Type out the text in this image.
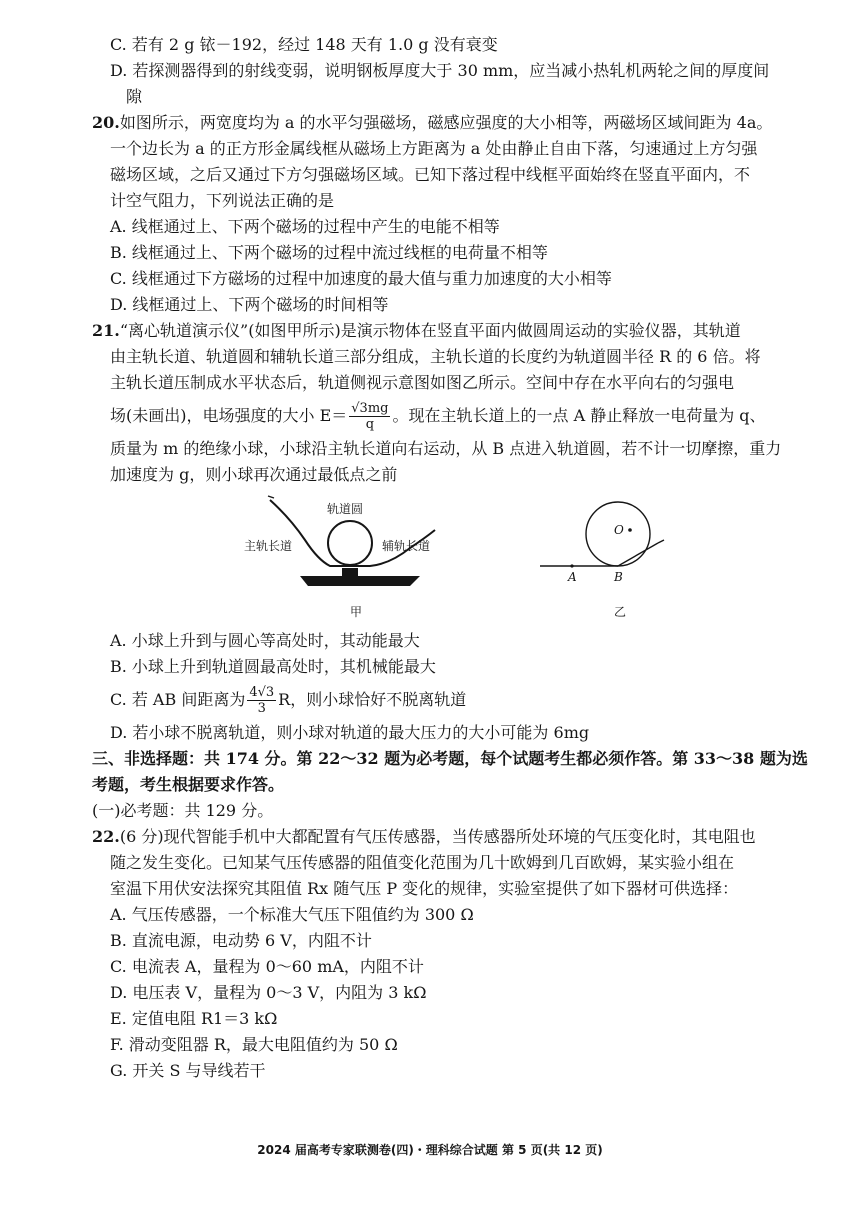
C. 若有 2 g 铱－192，经过 148 天有 1.0 g 没有衰变
D. 若探测器得到的射线变弱，说明钢板厚度大于 30 mm，应当减小热轧机两轮之间的厚度间
隙
20.如图所示，两宽度均为 a 的水平匀强磁场，磁感应强度的大小相等，两磁场区域间距为 4a。
一个边长为 a 的正方形金属线框从磁场上方距离为 a 处由静止自由下落，匀速通过上方匀强
磁场区域，之后又通过下方匀强磁场区域。已知下落过程中线框平面始终在竖直平面内，不
计空气阻力，下列说法正确的是
A. 线框通过上、下两个磁场的过程中产生的电能不相等
B. 线框通过上、下两个磁场的过程中流过线框的电荷量不相等
C. 线框通过下方磁场的过程中加速度的最大值与重力加速度的大小相等
D. 线框通过上、下两个磁场的时间相等
21.“离心轨道演示仪”(如图甲所示)是演示物体在竖直平面内做圆周运动的实验仪器，其轨道
由主轨长道、轨道圆和辅轨长道三部分组成，主轨长道的长度约为轨道圆半径 R 的 6 倍。将
主轨长道压制成水平状态后，轨道侧视示意图如图乙所示。空间中存在水平向右的匀强电
场(未画出)，电场强度的大小 $E= \frac{√3mg}{q}$ 。现在主轨长道上的一点 A 静止释放一电荷量为 q、
质量为 m 的绝缘小球，小球沿主轨长道向右运动，从 B 点进入轨道圆，若不计一切摩擦，重力
加速度为 g，则小球再次通过最低点之前
轨道圆
主轨长道	辅轨长道
甲
O
A	B
乙
A. 小球上升到与圆心等高处时，其动能最大
B. 小球上升到轨道圆最高处时，其机械能最大
C. 若 AB 间距离为 $\frac{4√3}{3}$ R，则小球恰好不脱离轨道
D. 若小球不脱离轨道，则小球对轨道的最大压力的大小可能为 6mg
三、非选择题：共 174 分。第 22～32 题为必考题，每个试题考生都必须作答。第 33～38 题为选
考题，考生根据要求作答。
(一)必考题：共 129 分。
22.(6 分)现代智能手机中大都配置有气压传感器，当传感器所处环境的气压变化时，其电阻也
随之发生变化。已知某气压传感器的阻值变化范围为几十欧姆到几百欧姆，某实验小组在
室温下用伏安法探究其阻值 Rx 随气压 P 变化的规律，实验室提供了如下器材可供选择：
A. 气压传感器，一个标准大气压下阻值约为 300 Ω
B. 直流电源，电动势 6 V，内阻不计
C. 电流表 A，量程为 0～60 mA，内阻不计
D. 电压表 V，量程为 0～3 V，内阻为 3 kΩ
E. 定值电阻 R1＝3 kΩ
F. 滑动变阻器 R，最大电阻值约为 50 Ω
G. 开关 S 与导线若干
2024 届高考专家联测卷(四)・理科综合试题 第 5 页(共 12 页)
